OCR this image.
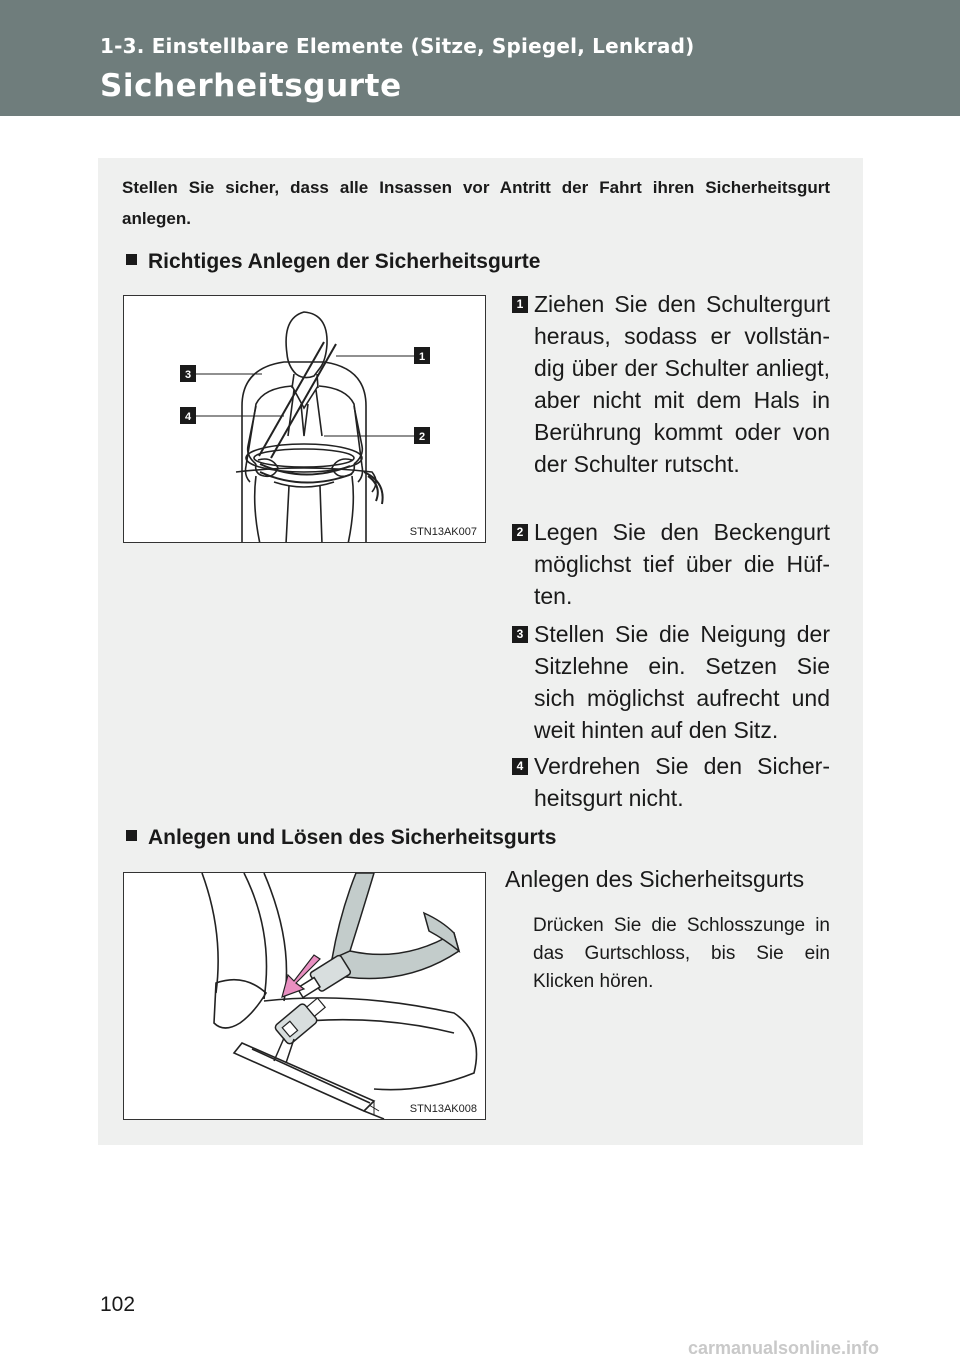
1-3. Einstellbare Elemente (Sitze, Spiegel, Lenkrad)
Sicherheitsgurte
Stellen Sie sicher, dass alle Insassen vor Antritt der Fahrt ihren Sicherheitsgurt anlegen.
Richtiges Anlegen der Sicherheitsgurte
1
2
3
4
STN13AK007
1 Ziehen Sie den Schultergurt heraus, sodass er vollstän-dig über der Schulter anliegt, aber nicht mit dem Hals in Berührung kommt oder von der Schulter rutscht.
2 Legen Sie den Beckengurt möglichst tief über die Hüf-ten.
3 Stellen Sie die Neigung der Sitzlehne ein. Setzen Sie sich möglichst aufrecht und weit hinten auf den Sitz.
4 Verdrehen Sie den Sicher-heitsgurt nicht.
Anlegen und Lösen des Sicherheitsgurts
STN13AK008
Anlegen des Sicherheitsgurts
Drücken Sie die Schlosszunge in das Gurtschloss, bis Sie ein Klicken hören.
102
carmanualsonline.info
